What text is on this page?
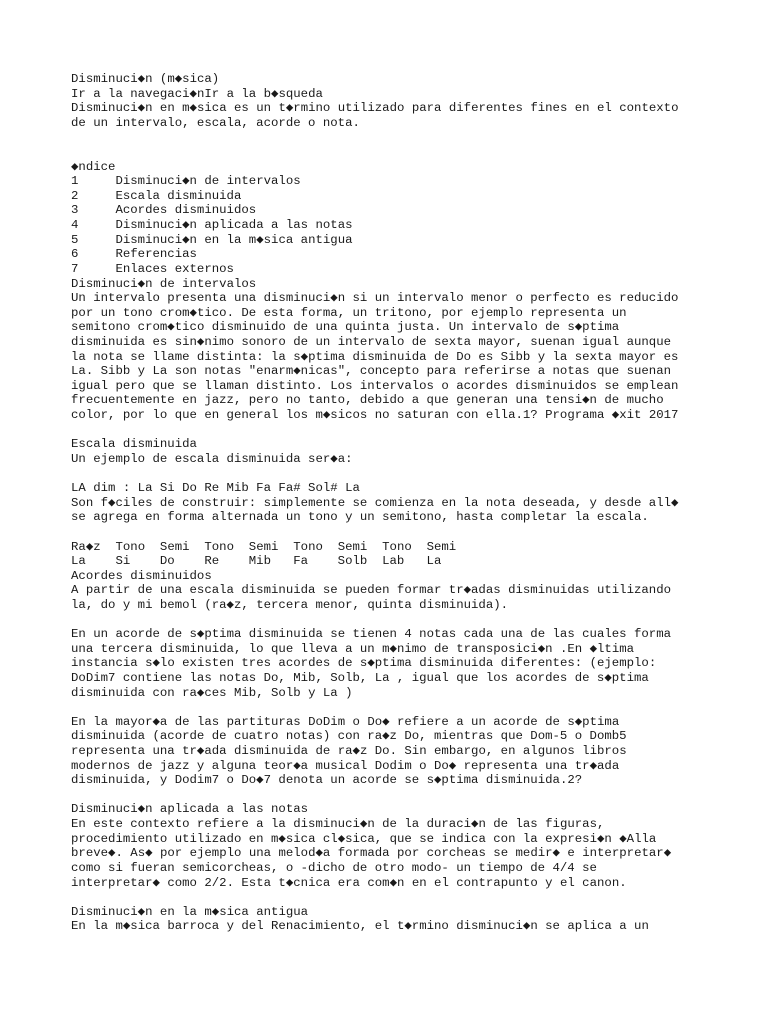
Disminuci◆n (m◆sica)
Ir a la navegaci◆nIr a la b◆squeda
Disminuci◆n en m◆sica es un t◆rmino utilizado para diferentes fines en el contexto
de un intervalo, escala, acorde o nota.
◆ndice
1     Disminuci◆n de intervalos
2     Escala disminuida
3     Acordes disminuidos
4     Disminuci◆n aplicada a las notas
5     Disminuci◆n en la m◆sica antigua
6     Referencias
7     Enlaces externos
Disminuci◆n de intervalos
Un intervalo presenta una disminuci◆n si un intervalo menor o perfecto es reducido
por un tono crom◆tico. De esta forma, un tritono, por ejemplo representa un
semitono crom◆tico disminuido de una quinta justa. Un intervalo de s◆ptima
disminuida es sin◆nimo sonoro de un intervalo de sexta mayor, suenan igual aunque
la nota se llame distinta: la s◆ptima disminuida de Do es Sibb y la sexta mayor es
La. Sibb y La son notas "enarm◆nicas", concepto para referirse a notas que suenan
igual pero que se llaman distinto. Los intervalos o acordes disminuidos se emplean
frecuentemente en jazz, pero no tanto, debido a que generan una tensi◆n de mucho
color, por lo que en general los m◆sicos no saturan con ella.1? Programa ◆xit 2017
Escala disminuida
Un ejemplo de escala disminuida ser◆a:
LA dim : La Si Do Re Mib Fa Fa# Sol# La
Son f◆ciles de construir: simplemente se comienza en la nota deseada, y desde all◆
se agrega en forma alternada un tono y un semitono, hasta completar la escala.
Ra◆z  Tono  Semi  Tono  Semi  Tono  Semi  Tono  Semi
La    Si    Do    Re    Mib   Fa    Solb  Lab   La
Acordes disminuidos
A partir de una escala disminuida se pueden formar tr◆adas disminuidas utilizando
la, do y mi bemol (ra◆z, tercera menor, quinta disminuida).
En un acorde de s◆ptima disminuida se tienen 4 notas cada una de las cuales forma
una tercera disminuida, lo que lleva a un m◆nimo de transposici◆n .En ◆ltima
instancia s◆lo existen tres acordes de s◆ptima disminuida diferentes: (ejemplo:
DoDim7 contiene las notas Do, Mib, Solb, La , igual que los acordes de s◆ptima
disminuida con ra◆ces Mib, Solb y La )
En la mayor◆a de las partituras DoDim o Do◆ refiere a un acorde de s◆ptima
disminuida (acorde de cuatro notas) con ra◆z Do, mientras que Dom-5 o Domb5
representa una tr◆ada disminuida de ra◆z Do. Sin embargo, en algunos libros
modernos de jazz y alguna teor◆a musical Dodim o Do◆ representa una tr◆ada
disminuida, y Dodim7 o Do◆7 denota un acorde se s◆ptima disminuida.2?
Disminuci◆n aplicada a las notas
En este contexto refiere a la disminuci◆n de la duraci◆n de las figuras,
procedimiento utilizado en m◆sica cl◆sica, que se indica con la expresi◆n ◆Alla
breve◆. As◆ por ejemplo una melod◆a formada por corcheas se medir◆ e interpretar◆
como si fueran semicorcheas, o -dicho de otro modo- un tiempo de 4/4 se
interpretar◆ como 2/2. Esta t◆cnica era com◆n en el contrapunto y el canon.
Disminuci◆n en la m◆sica antigua
En la m◆sica barroca y del Renacimiento, el t◆rmino disminuci◆n se aplica a un
